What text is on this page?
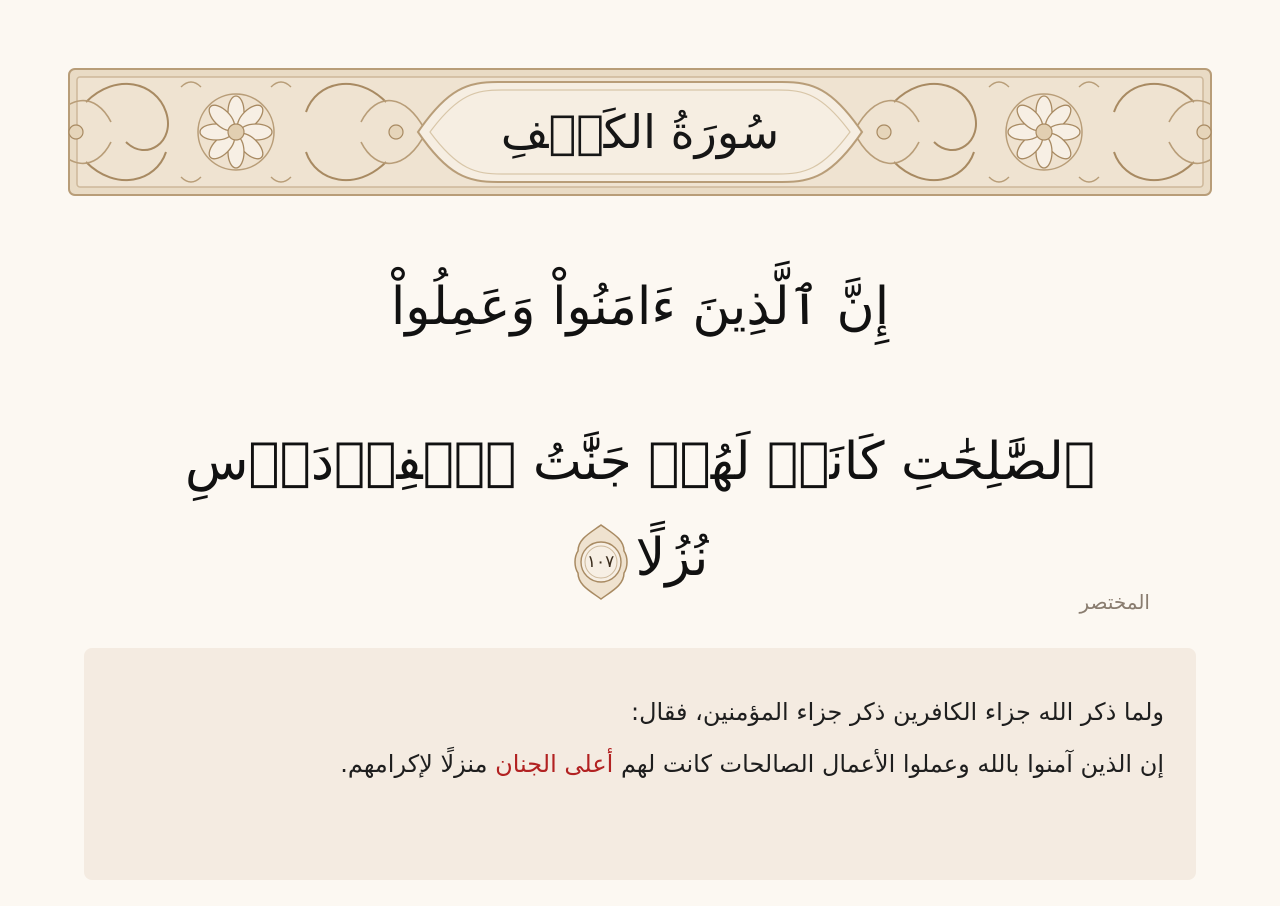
سُورَةُ الكَهۡفِ
إِنَّ ٱلَّذِينَ ءَامَنُواْ وَعَمِلُواْ
ٱلصَّٰلِحَٰتِ كَانَتۡ لَهُمۡ جَنَّٰتُ ٱلۡفِرۡدَوۡسِ نُزُلًا
١٠٧
المختصر
ولما ذكر الله جزاء الكافرين ذكر جزاء المؤمنين، فقال:
إن الذين آمنوا بالله وعملوا الأعمال الصالحات كانت لهم أعلى الجنان منزلًا لإكرامهم.
